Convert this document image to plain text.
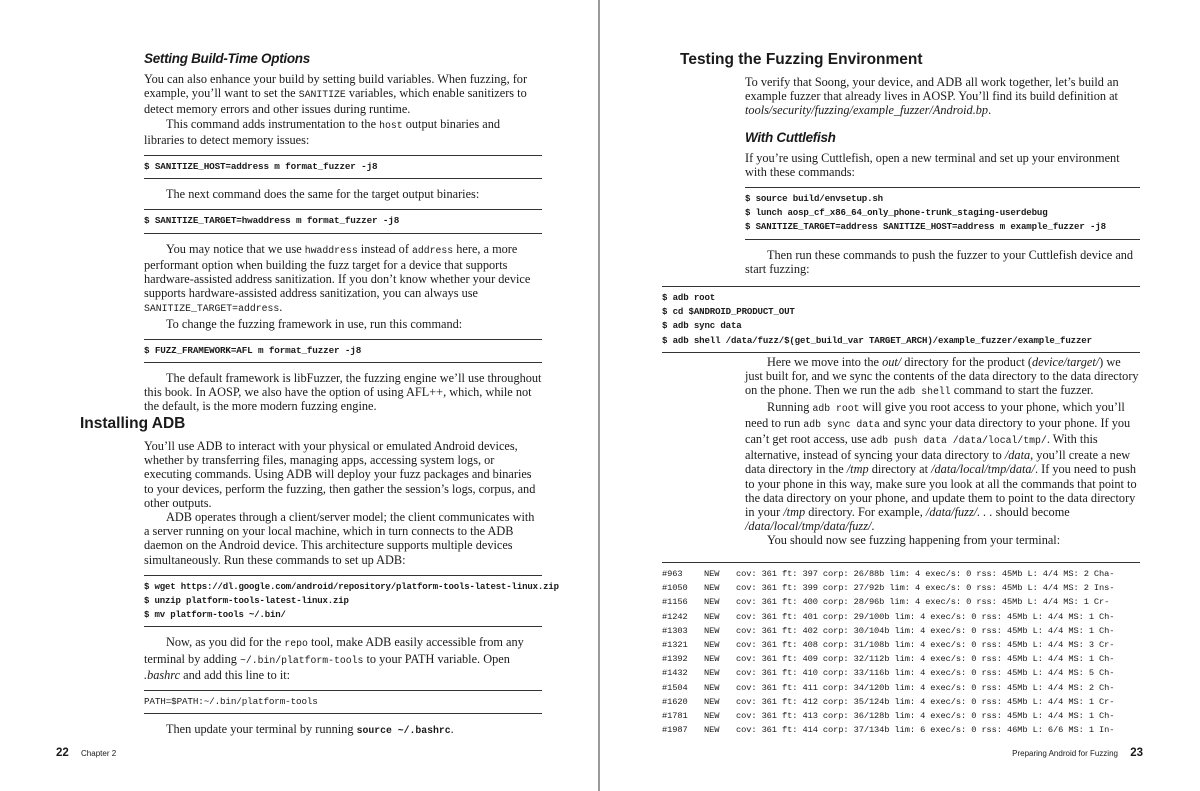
Setting Build-Time Options

You can also enhance your build by setting build variables. When fuzzing, for example, you’ll want to set the SANITIZE variables, which enable sanitizers to detect memory errors and other issues during runtime.

This command adds instrumentation to the host output binaries and libraries to detect memory issues:

$ SANITIZE_HOST=address m format_fuzzer -j8

The next command does the same for the target output binaries:

$ SANITIZE_TARGET=hwaddress m format_fuzzer -j8

You may notice that we use hwaddress instead of address here, a more performant option when building the fuzz target for a device that supports hardware-assisted address sanitization. If you don’t know whether your device supports hardware-assisted address sanitization, you can always use SANITIZE_TARGET=address.

To change the fuzzing framework in use, run this command:

$ FUZZ_FRAMEWORK=AFL m format_fuzzer -j8

The default framework is libFuzzer, the fuzzing engine we’ll use throughout this book. In AOSP, we also have the option of using AFL++, which, while not the default, is the more modern fuzzing engine.

Installing ADB

You’ll use ADB to interact with your physical or emulated Android devices, whether by transferring files, managing apps, accessing system logs, or executing commands. Using ADB will deploy your fuzz packages and binaries to your devices, perform the fuzzing, then gather the session’s logs, corpus, and other outputs.

ADB operates through a client/server model; the client communicates with a server running on your local machine, which in turn connects to the ADB daemon on the Android device. This architecture supports multiple devices simultaneously. Run these commands to set up ADB:

$ wget https://dl.google.com/android/repository/platform-tools-latest-linux.zip
$ unzip platform-tools-latest-linux.zip
$ mv platform-tools ~/.bin/

Now, as you did for the repo tool, make ADB easily accessible from any terminal by adding ~/.bin/platform-tools to your PATH variable. Open .bashrc and add this line to it:

PATH=$PATH:~/.bin/platform-tools

Then update your terminal by running source ~/.bashrc.

22 Chapter 2
Testing the Fuzzing Environment

To verify that Soong, your device, and ADB all work together, let’s build an example fuzzer that already lives in AOSP. You’ll find its build definition at tools/security/fuzzing/example_fuzzer/Android.bp.

With Cuttlefish

If you’re using Cuttlefish, open a new terminal and set up your environment with these commands:

$ source build/envsetup.sh
$ lunch aosp_cf_x86_64_only_phone-trunk_staging-userdebug
$ SANITIZE_TARGET=address SANITIZE_HOST=address m example_fuzzer -j8

Then run these commands to push the fuzzer to your Cuttlefish device and start fuzzing:

$ adb root
$ cd $ANDROID_PRODUCT_OUT
$ adb sync data
$ adb shell /data/fuzz/$(get_build_var TARGET_ARCH)/example_fuzzer/example_fuzzer

Here we move into the out/ directory for the product (device/target/) we just built for, and we sync the contents of the data directory to the data directory on the phone. Then we run the adb shell command to start the fuzzer.

Running adb root will give you root access to your phone, which you’ll need to run adb sync data and sync your data directory to your phone. If you can’t get root access, use adb push data /data/local/tmp/. With this alternative, instead of syncing your data directory to /data, you’ll create a new data directory in the /tmp directory at /data/local/tmp/data/. If you need to push to your phone in this way, make sure you look at all the commands that point to the data directory on your phone, and update them to point to the data directory in your /tmp directory. For example, /data/fuzz/. . . should become /data/local/tmp/data/fuzz/.

You should now see fuzzing happening from your terminal:

#963	NEW	cov: 361 ft: 397 corp: 26/88b lim: 4 exec/s: 0 rss: 45Mb L: 4/4 MS: 2 Cha-
#1050	NEW	cov: 361 ft: 399 corp: 27/92b lim: 4 exec/s: 0 rss: 45Mb L: 4/4 MS: 2 Ins-
#1156	NEW	cov: 361 ft: 400 corp: 28/96b lim: 4 exec/s: 0 rss: 45Mb L: 4/4 MS: 1 Cr-
#1242	NEW	cov: 361 ft: 401 corp: 29/100b lim: 4 exec/s: 0 rss: 45Mb L: 4/4 MS: 1 Ch-
#1303	NEW	cov: 361 ft: 402 corp: 30/104b lim: 4 exec/s: 0 rss: 45Mb L: 4/4 MS: 1 Ch-
#1321	NEW	cov: 361 ft: 408 corp: 31/108b lim: 4 exec/s: 0 rss: 45Mb L: 4/4 MS: 3 Cr-
#1392	NEW	cov: 361 ft: 409 corp: 32/112b lim: 4 exec/s: 0 rss: 45Mb L: 4/4 MS: 1 Ch-
#1432	NEW	cov: 361 ft: 410 corp: 33/116b lim: 4 exec/s: 0 rss: 45Mb L: 4/4 MS: 5 Ch-
#1504	NEW	cov: 361 ft: 411 corp: 34/120b lim: 4 exec/s: 0 rss: 45Mb L: 4/4 MS: 2 Ch-
#1620	NEW	cov: 361 ft: 412 corp: 35/124b lim: 4 exec/s: 0 rss: 45Mb L: 4/4 MS: 1 Cr-
#1781	NEW	cov: 361 ft: 413 corp: 36/128b lim: 4 exec/s: 0 rss: 45Mb L: 4/4 MS: 1 Ch-
#1987	NEW	cov: 361 ft: 414 corp: 37/134b lim: 6 exec/s: 0 rss: 46Mb L: 6/6 MS: 1 In-
Preparing Android for Fuzzing 23
